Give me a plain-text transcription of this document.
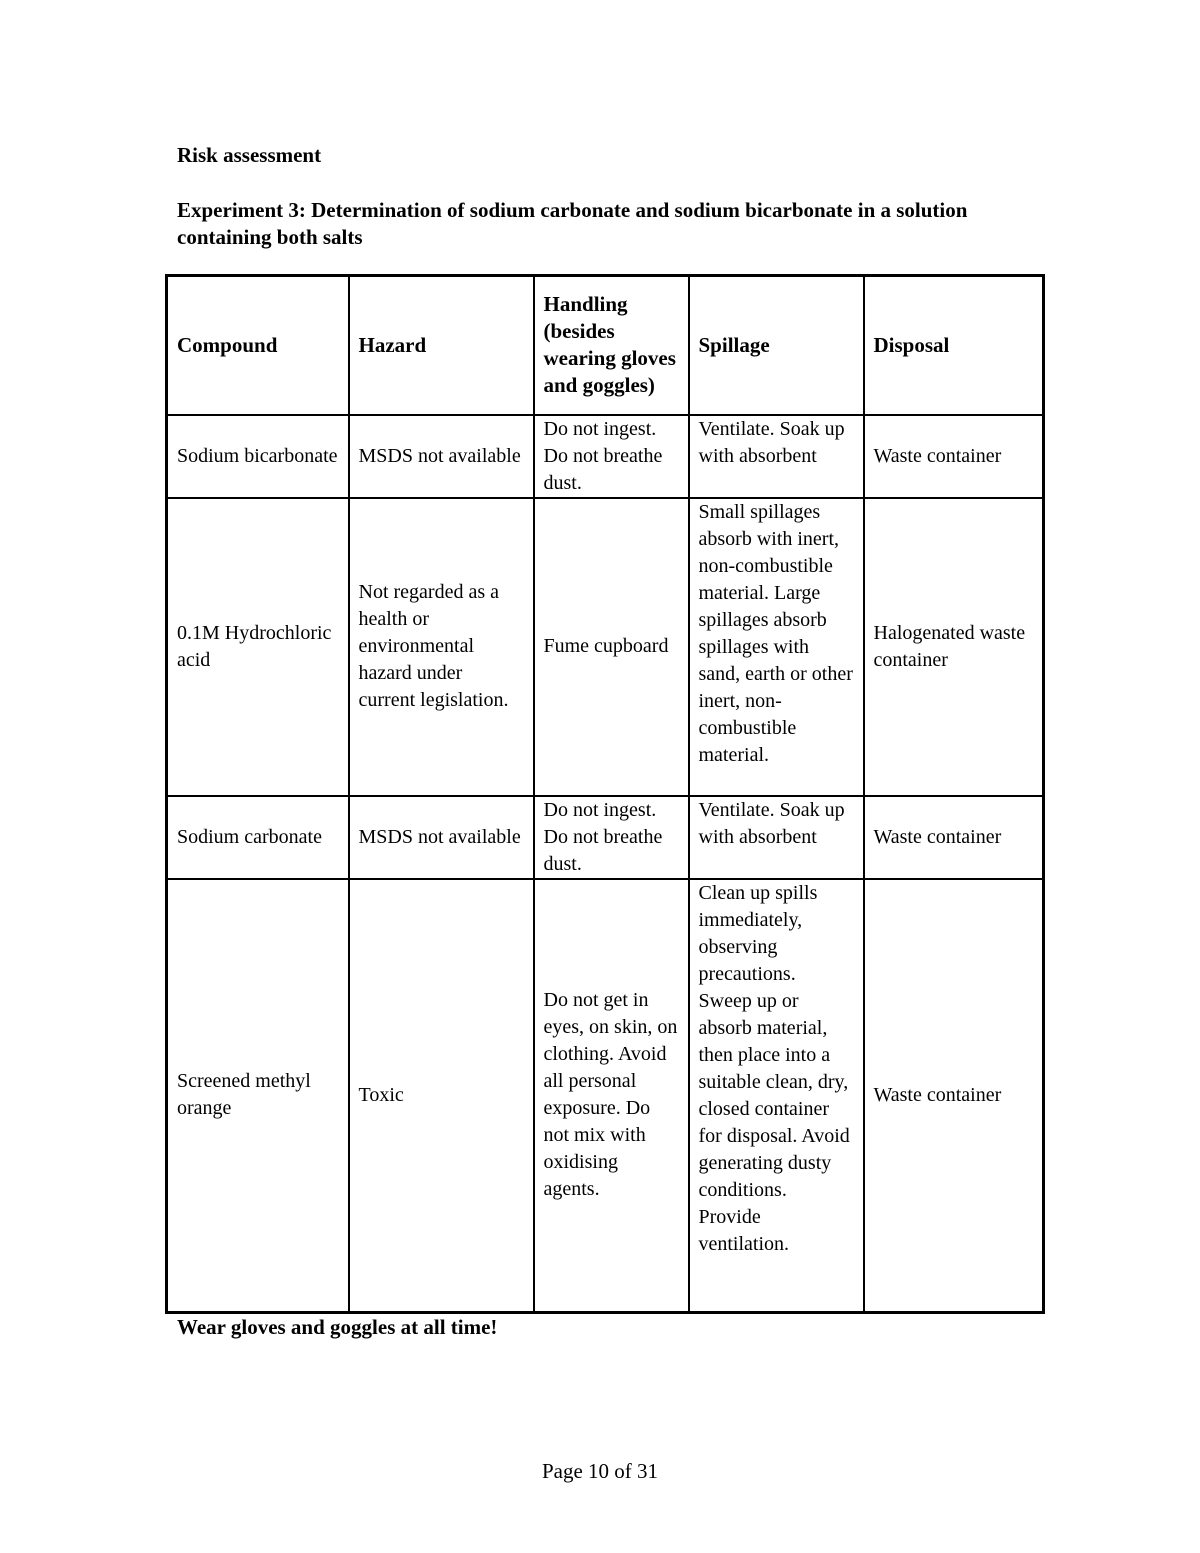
Risk assessment

Experiment 3: Determination of sodium carbonate and sodium bicarbonate in a solution containing both salts

Compound	Hazard	Handling (besides wearing gloves and goggles)	Spillage	Disposal
Sodium bicarbonate	MSDS not available	Do not ingest. Do not breathe dust.	Ventilate. Soak up with absorbent	Waste container
0.1M Hydrochloric acid	Not regarded as a health or environmental hazard under current legislation.	Fume cupboard	Small spillages absorb with inert, non-combustible material. Large spillages absorb spillages with sand, earth or other inert, non-combustible material.	Halogenated waste container
Sodium carbonate	MSDS not available	Do not ingest. Do not breathe dust.	Ventilate. Soak up with absorbent	Waste container
Screened methyl orange	Toxic	Do not get in eyes, on skin, on clothing. Avoid all personal exposure. Do not mix with oxidising agents.	Clean up spills immediately, observing precautions. Sweep up or absorb material, then place into a suitable clean, dry, closed container for disposal. Avoid generating dusty conditions. Provide ventilation.	Waste container

Wear gloves and goggles at all time!

Page 10 of 31
